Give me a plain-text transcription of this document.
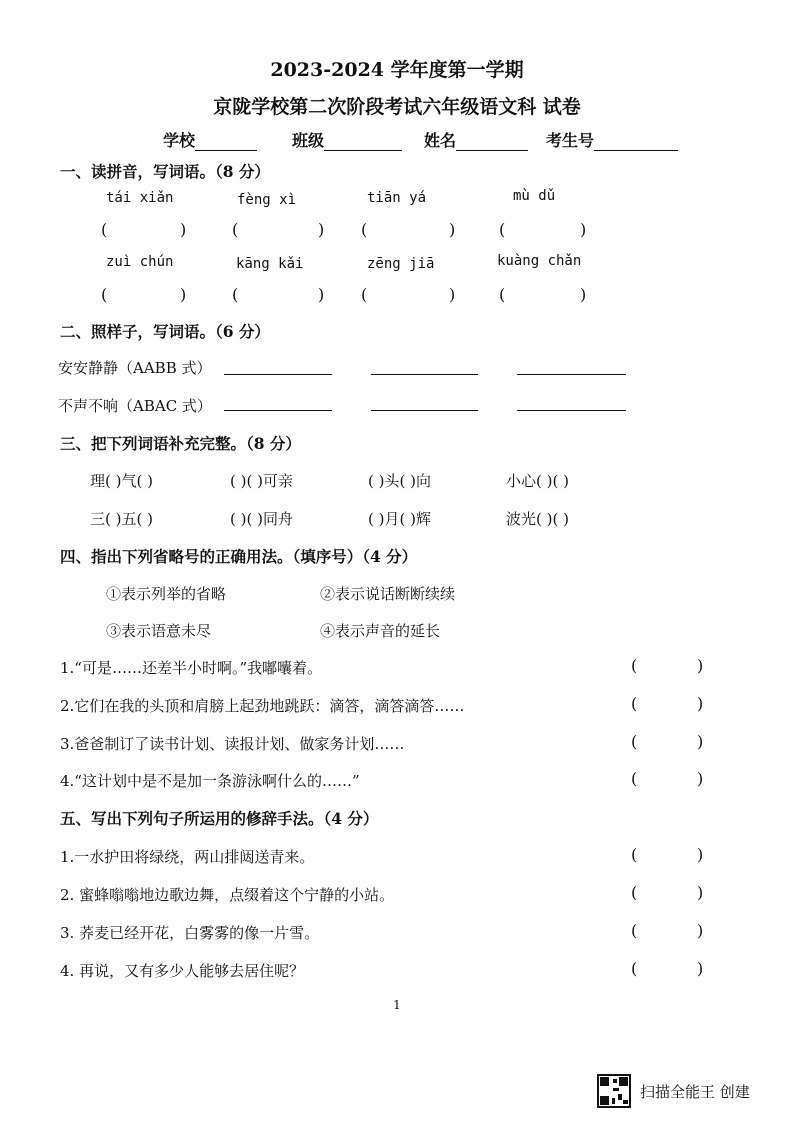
2023-2024 学年度第一学期
京陇学校第二次阶段考试六年级语文科 试卷
学校	班级	姓名	考生号
一、读拼音，写词语。（8 分）
tái xiǎn	fèng xì	tiān yá	mù dǔ
(	)	(	) (	)	(	)
zuì chún	kāng kǎi	zēng jiā	kuàng chǎn
(	)	(	) (	)	(	)
二、照样子，写词语。（6 分）
安安静静（AABB 式）
不声不响（ABAC 式）
三、把下列词语补充完整。（8 分）
理( )气( )	( )( )可亲	( )头( )向	小心( )( )
三( )五( )	( )( )同舟	( )月( )辉	波光( )( )
四、指出下列省略号的正确用法。（填序号）（4 分）
①表示列举的省略	②表示说话断断续续
③表示语意未尽	④表示声音的延长
1.“可是……还差半小时啊。”我嘟囔着。	(	)
2.它们在我的头顶和肩膀上起劲地跳跃：滴答，滴答滴答……	(	)
3.爸爸制订了读书计划、读报计划、做家务计划……	(	)
4.“这计划中是不是加一条游泳啊什么的……”	(	)
五、写出下列句子所运用的修辞手法。（4 分）
1.一水护田将绿绕，两山排闼送青来。	(	)
2. 蜜蜂嗡嗡地边歌边舞，点缀着这个宁静的小站。	(	)
3. 荞麦已经开花，白雾雾的像一片雪。	(	)
4. 再说，又有多少人能够去居住呢？	(	)
1
扫描全能王 创建
